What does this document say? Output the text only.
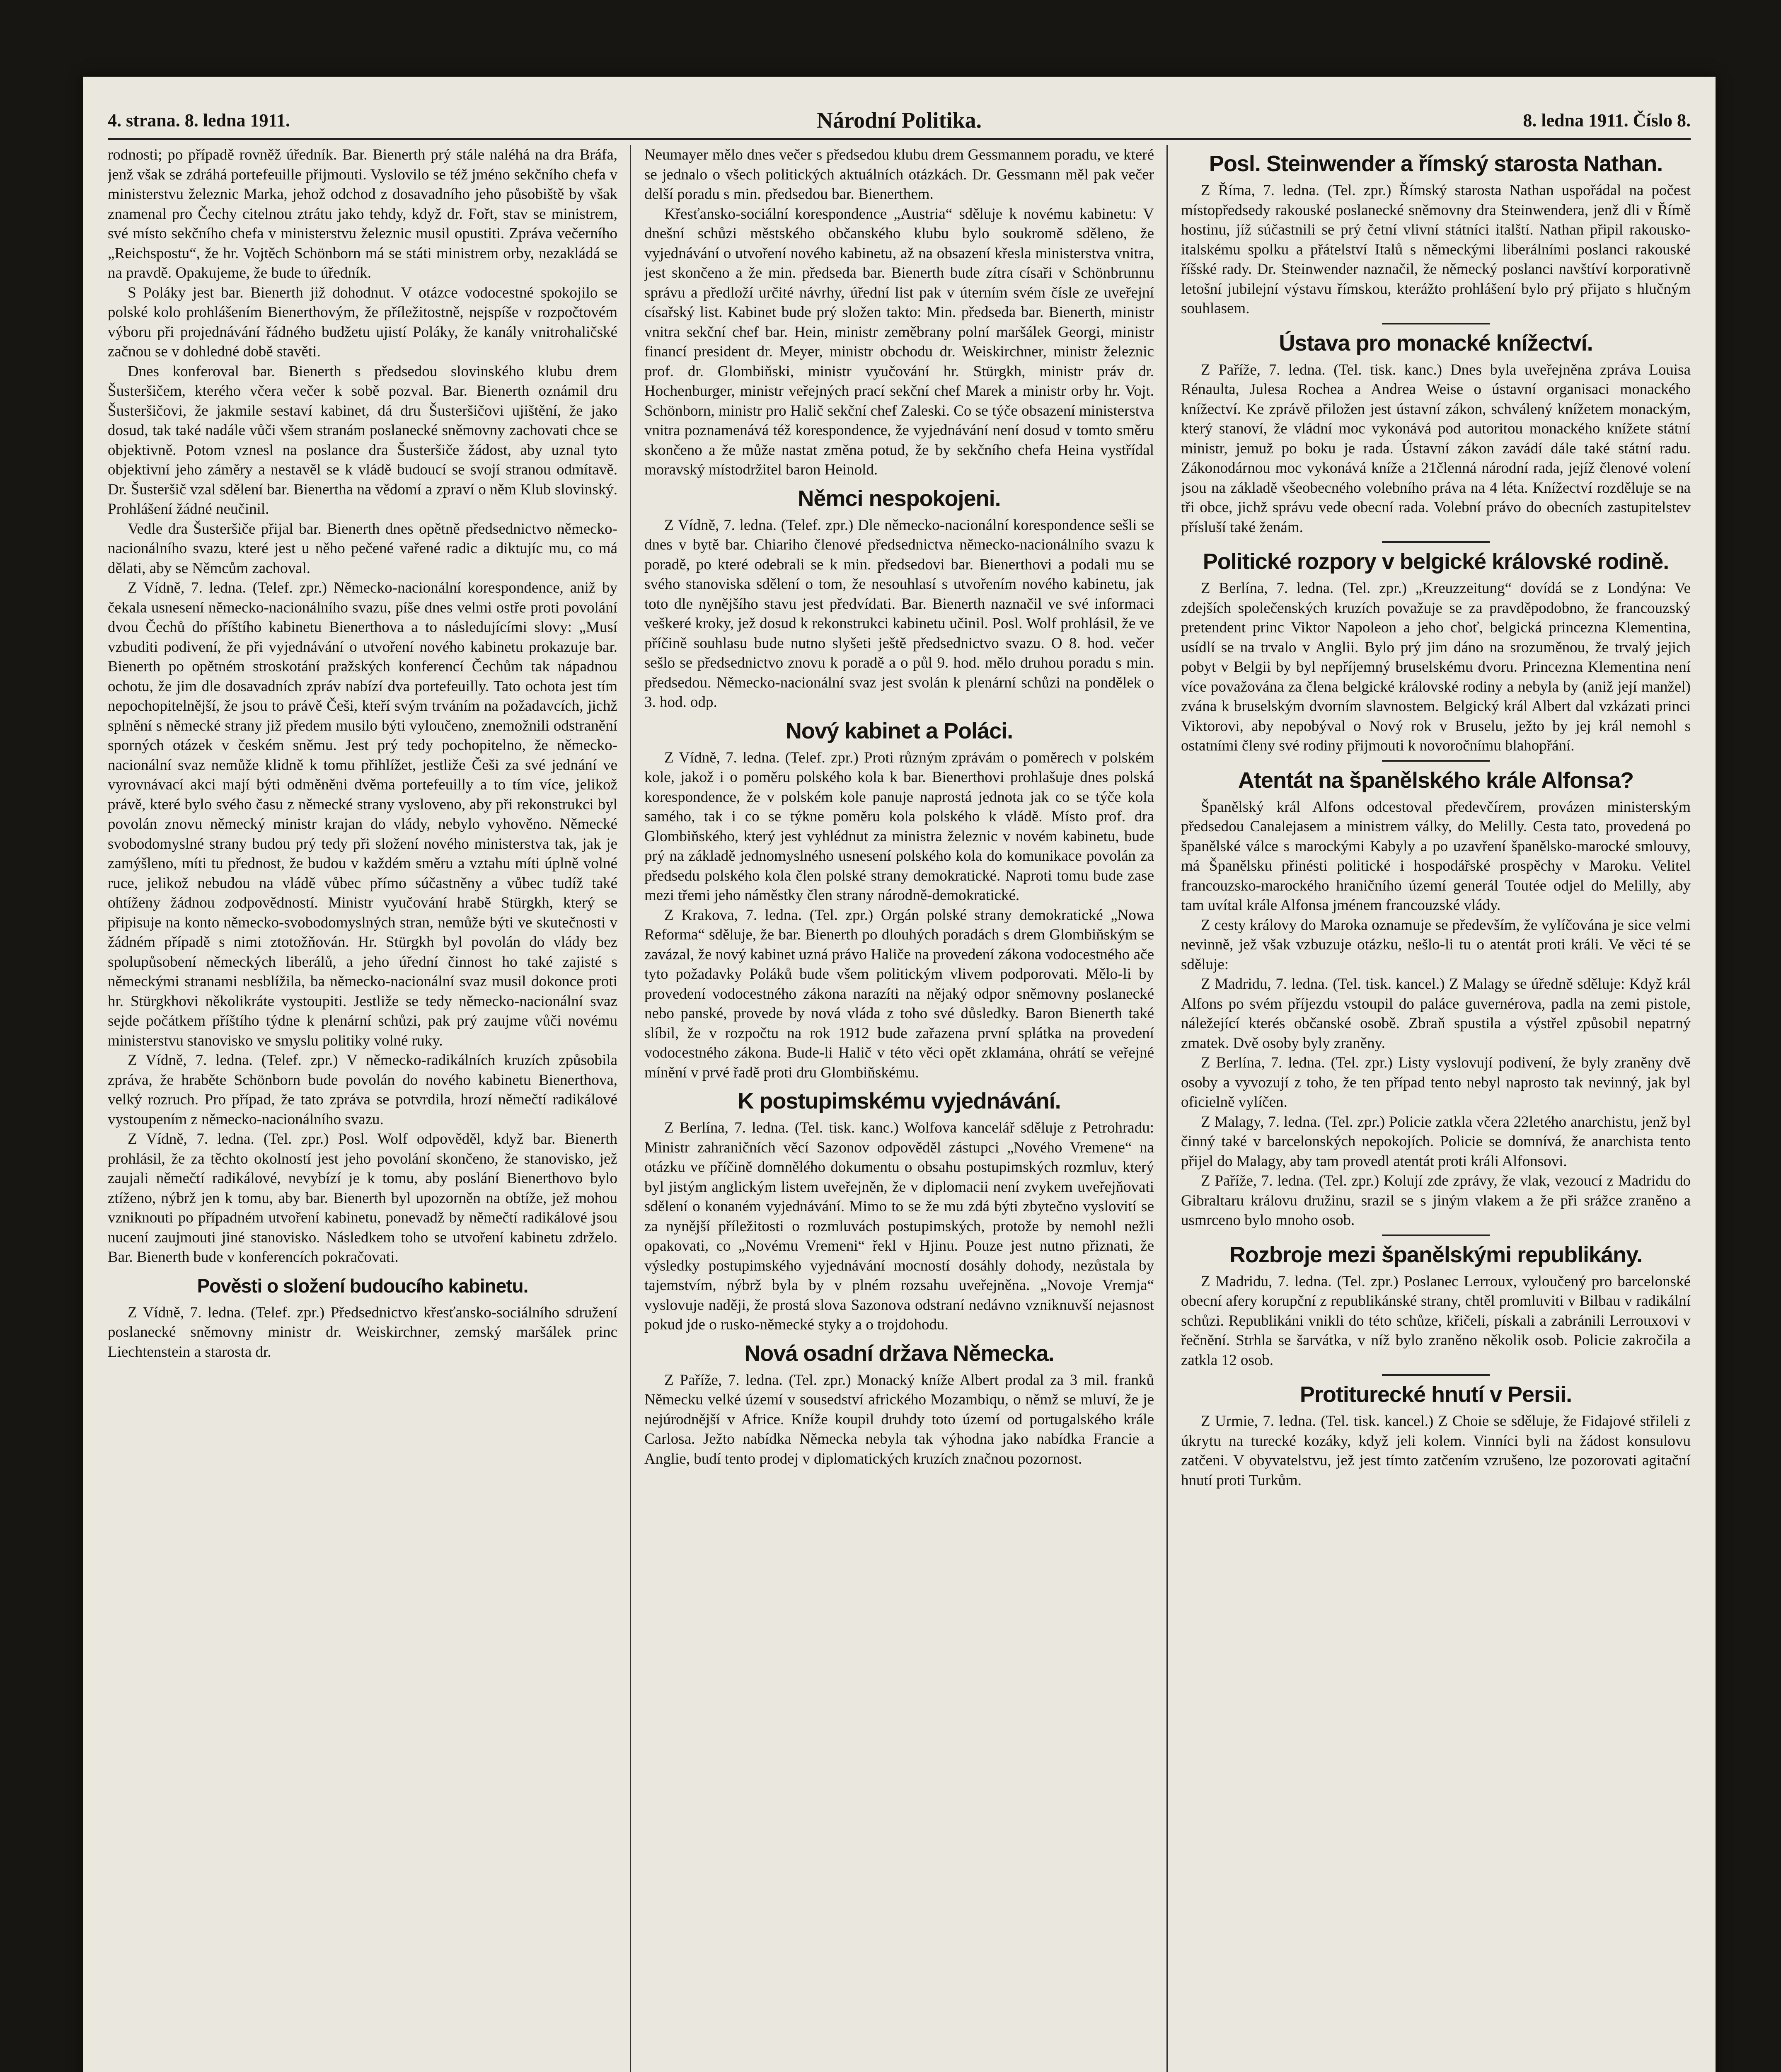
4. strana. 8. ledna 1911.	Národní Politika.	8. ledna 1911. Číslo 8.

rodnosti; po případě rovněž úředník. Bar. Bienerth prý stále naléhá na dra Bráfa, jenž však se zdráhá portefeuille přijmouti. Vyslovilo se též jméno sekčního chefa v ministerstvu železnic Marka, jehož odchod z dosavadního jeho působiště by však znamenal pro Čechy citelnou ztrátu jako tehdy, když dr. Fořt, stav se ministrem, své místo sekčního chefa v ministerstvu železnic musil opustiti. Zpráva večerního „Reichspostu“, že hr. Vojtěch Schönborn má se státi ministrem orby, nezakládá se na pravdě. Opakujeme, že bude to úředník.

S Poláky jest bar. Bienerth již dohodnut. V otázce vodocestné spokojilo se polské kolo prohlášením Bienerthovým, že příležitostně, nejspíše v rozpočtovém výboru při projednávání řádného budžetu ujistí Poláky, že kanály vnitrohaličské začnou se v dohledné době stavěti.

Dnes konferoval bar. Bienerth s předsedou slovinského klubu drem Šusteršičem, kterého včera večer k sobě pozval. Bar. Bienerth oznámil dru Šusteršičovi, že jakmile sestaví kabinet, dá dru Šusteršičovi ujištění, že jako dosud, tak také nadále vůči všem stranám poslanecké sněmovny zachovati chce se objektivně. Potom vznesl na poslance dra Šusteršiče žádost, aby uznal tyto objektivní jeho záměry a nestavěl se k vládě budoucí se svojí stranou odmítavě. Dr. Šusteršič vzal sdělení bar. Bienertha na vědomí a zpraví o něm Klub slovinský. Prohlášení žádné neučinil.

Vedle dra Šusteršiče přijal bar. Bienerth dnes opětně předsednictvo německo-nacionálního svazu, které jest u něho pečené vařené radic a diktujíc mu, co má dělati, aby se Němcům zachoval.

Z Vídně, 7. ledna. (Telef. zpr.) Německo-nacionální korespondence, aniž by čekala usnesení německo-nacionálního svazu, píše dnes velmi ostře proti povolání dvou Čechů do příštího kabinetu Bienerthova a to následujícími slovy: „Musí vzbuditi podivení, že při vyjednávání o utvoření nového kabinetu prokazuje bar. Bienerth po opětném stroskotání pražských konferencí Čechům tak nápadnou ochotu, že jim dle dosavadních zpráv nabízí dva portefeuilly. Tato ochota jest tím nepochopitelnější, že jsou to právě Češi, kteří svým trváním na požadavcích, jichž splnění s německé strany již předem musilo býti vyloučeno, znemožnili odstranění sporných otázek v českém sněmu. Jest prý tedy pochopitelno, že německo-nacionální svaz nemůže klidně k tomu přihlížet, jestliže Češi za své jednání ve vyrovnávací akci mají býti odměněni dvěma portefeuilly a to tím více, jelikož právě, které bylo svého času z německé strany vysloveno, aby při rekonstrukci byl povolán znovu německý ministr krajan do vlády, nebylo vyhověno. Německé svobodomyslné strany budou prý tedy při složení nového ministerstva tak, jak je zamýšleno, míti tu přednost, že budou v každém směru a vztahu míti úplně volné ruce, jelikož nebudou na vládě vůbec přímo súčastněny a vůbec tudíž také ohtíženy žádnou zodpovědností. Ministr vyučování hrabě Stürgkh, který se připisuje na konto německo-svobodomyslných stran, nemůže býti ve skutečnosti v žádném případě s nimi ztotožňován. Hr. Stürgkh byl povolán do vlády bez spolupůsobení německých liberálů, a jeho úřední činnost ho také zajisté s německými stranami nesblížila, ba německo-nacionální svaz musil dokonce proti hr. Stürgkhovi několikráte vystoupiti. Jestliže se tedy německo-nacionální svaz sejde počátkem příštího týdne k plenární schůzi, pak prý zaujme vůči novému ministerstvu stanovisko ve smyslu politiky volné ruky.

Z Vídně, 7. ledna. (Telef. zpr.) V německo-radikálních kruzích způsobila zpráva, že hraběte Schönborn bude povolán do nového kabinetu Bienerthova, velký rozruch. Pro případ, že tato zpráva se potvrdila, hrozí němečtí radikálové vystoupením z německo-nacionálního svazu.

Z Vídně, 7. ledna. (Tel. zpr.) Posl. Wolf odpověděl, když bar. Bienerth prohlásil, že za těchto okolností jest jeho povolání skončeno, že stanovisko, jež zaujali němečtí radikálové, nevybízí je k tomu, aby poslání Bienerthovo bylo ztíženo, nýbrž jen k tomu, aby bar. Bienerth byl upozorněn na obtíže, jež mohou vzniknouti po případném utvoření kabinetu, ponevadž by němečtí radikálové jsou nucení zaujmouti jiné stanovisko. Následkem toho se utvoření kabinetu zdrželo. Bar. Bienerth bude v konferencích pokračovati.

Pověsti o složení budoucího kabinetu.

Z Vídně, 7. ledna. (Telef. zpr.) Předsednictvo křesťansko-sociálního sdružení poslanecké sněmovny ministr dr. Weiskirchner, zemský maršálek princ Liechtenstein a starosta dr.

Neumayer mělo dnes večer s předsedou klubu drem Gessmannem poradu, ve které se jednalo o všech politických aktuálních otázkách. Dr. Gessmann měl pak večer delší poradu s min. předsedou bar. Bienerthem.

Křesťansko-sociální korespondence „Austria“ sděluje k novému kabinetu: V dnešní schůzi městského občanského klubu bylo soukromě sděleno, že vyjednávání o utvoření nového kabinetu, až na obsazení křesla ministerstva vnitra, jest skončeno a že min. předseda bar. Bienerth bude zítra císaři v Schönbrunnu správu a předloží určité návrhy, úřední list pak v úterním svém čísle ze uveřejní císařský list. Kabinet bude prý složen takto: Min. předseda bar. Bienerth, ministr vnitra sekční chef bar. Hein, ministr zeměbrany polní maršálek Georgi, ministr financí president dr. Meyer, ministr obchodu dr. Weiskirchner, ministr železnic prof. dr. Glombiňski, ministr vyučování hr. Stürgkh, ministr práv dr. Hochenburger, ministr veřejných prací sekční chef Marek a ministr orby hr. Vojt. Schönborn, ministr pro Halič sekční chef Zaleski. Co se týče obsazení ministerstva vnitra poznamenává též korespondence, že vyjednávání není dosud v tomto směru skončeno a že může nastat změna potud, že by sekčního chefa Heina vystřídal moravský místodržitel baron Heinold.

Němci nespokojeni.

Z Vídně, 7. ledna. (Telef. zpr.) Dle německo-nacionální korespondence sešli se dnes v bytě bar. Chiariho členové předsednictva německo-nacionálního svazu k poradě, po které odebrali se k min. předsedovi bar. Bienerthovi a podali mu se svého stanoviska sdělení o tom, že nesouhlasí s utvořením nového kabinetu, jak toto dle nynějšího stavu jest předvídati. Bar. Bienerth naznačil ve své informaci veškeré kroky, jež dosud k rekonstrukci kabinetu učinil. Posl. Wolf prohlásil, že ve příčině souhlasu bude nutno slyšeti ještě předsednictvo svazu. O 8. hod. večer sešlo se předsednictvo znovu k poradě a o půl 9. hod. mělo druhou poradu s min. předsedou. Německo-nacionální svaz jest svolán k plenární schůzi na pondělek o 3. hod. odp.

Nový kabinet a Poláci.

Z Vídně, 7. ledna. (Telef. zpr.) Proti různým zprávám o poměrech v polském kole, jakož i o poměru polského kola k bar. Bienerthovi prohlašuje dnes polská korespondence, že v polském kole panuje naprostá jednota jak co se týče kola samého, tak i co se týkne poměru kola polského k vládě. Místo prof. dra Glombiňského, který jest vyhlédnut za ministra železnic v novém kabinetu, bude prý na základě jednomyslného usnesení polského kola do komunikace povolán za předsedu polského kola člen polské strany demokratické. Naproti tomu bude zase mezi třemi jeho náměstky člen strany národně-demokratické.

Z Krakova, 7. ledna. (Tel. zpr.) Orgán polské strany demokratické „Nowa Reforma“ sděluje, že bar. Bienerth po dlouhých poradách s drem Glombiňským se zavázal, že nový kabinet uzná právo Haliče na provedení zákona vodocestného ače tyto požadavky Poláků bude všem politickým vlivem podporovati. Mělo-li by provedení vodocestného zákona narazíti na nějaký odpor sněmovny poslanecké nebo panské, provede by nová vláda z toho své důsledky. Baron Bienerth také slíbil, že v rozpočtu na rok 1912 bude zařazena první splátka na provedení vodocestného zákona. Bude-li Halič v této věci opět zklamána, ohrátí se veřejné mínění v prvé řadě proti dru Glombiňskému.

K postupimskému vyjednávání.

Z Berlína, 7. ledna. (Tel. tisk. kanc.) Wolfova kancelář sděluje z Petrohradu: Ministr zahraničních věcí Sazonov odpověděl zástupci „Nového Vremene“ na otázku ve příčině domnělého dokumentu o obsahu postupimských rozmluv, který byl jistým anglickým listem uveřejněn, že v diplomacii není zvykem uveřejňovati sdělení o konaném vyjednávání. Mimo to se že mu zdá býti zbytečno vyslovití se za nynější příležitosti o rozmluvách postupimských, protože by nemohl nežli opakovati, co „Novému Vremeni“ řekl v Hjinu. Pouze jest nutno přiznati, že výsledky postupimského vyjednávání mocností dosáhly dohody, nezůstala by tajemstvím, nýbrž byla by v plném rozsahu uveřejněna. „Novoje Vremja“ vyslovuje naději, že prostá slova Sazonova odstraní nedávno vzniknuvší nejasnost pokud jde o rusko-německé styky a o trojdohodu.

Nová osadní država Německa.

Z Paříže, 7. ledna. (Tel. zpr.) Monacký kníže Albert prodal za 3 mil. franků Německu velké území v sousedství afrického Mozambiqu, o němž se mluví, že je nejúrodnější v Africe. Kníže koupil druhdy toto území od portugalského krále Carlosa. Ježto nabídka Německa nebyla tak výhodna jako nabídka Francie a Anglie, budí tento prodej v diplomatických kruzích značnou pozornost.

Posl. Steinwender a římský starosta Nathan.

Z Říma, 7. ledna. (Tel. zpr.) Římský starosta Nathan uspořádal na počest místopředsedy rakouské poslanecké sněmovny dra Steinwendera, jenž dli v Římě hostinu, jíž súčastnili se prý četní vlivní státníci italští. Nathan připil rakousko-italskému spolku a přátelství Italů s německými liberálními poslanci rakouské říšské rady. Dr. Steinwender naznačil, že německý poslanci navštíví korporativně letošní jubilejní výstavu římskou, kterážto prohlášení bylo prý přijato s hlučným souhlasem.

Ústava pro monacké knížectví.

Z Paříže, 7. ledna. (Tel. tisk. kanc.) Dnes byla uveřejněna zpráva Louisa Rénaulta, Julesa Rochea a Andrea Weise o ústavní organisaci monackého knížectví. Ke zprávě přiložen jest ústavní zákon, schválený knížetem monackým, který stanoví, že vládní moc vykonává pod autoritou monackého knížete státní ministr, jemuž po boku je rada. Ústavní zákon zavádí dále také státní radu. Zákonodárnou moc vykonává kníže a 21členná národní rada, jejíž členové volení jsou na základě všeobecného volebního práva na 4 léta. Knížectví rozděluje se na tři obce, jichž správu vede obecní rada. Volební právo do obecních zastupitelstev přísluší také ženám.

Politické rozpory v belgické královské rodině.

Z Berlína, 7. ledna. (Tel. zpr.) „Kreuzzeitung“ dovídá se z Londýna: Ve zdejších společenských kruzích považuje se za pravděpodobno, že francouzský pretendent princ Viktor Napoleon a jeho choť, belgická princezna Klementina, usídlí se na trvalo v Anglii. Bylo prý jim dáno na srozuměnou, že trvalý jejich pobyt v Belgii by byl nepříjemný bruselskému dvoru. Princezna Klementina není více považována za člena belgické královské rodiny a nebyla by (aniž její manžel) zvána k bruselským dvorním slavnostem. Belgický král Albert dal vzkázati princi Viktorovi, aby nepobýval o Nový rok v Bruselu, ježto by jej král nemohl s ostatními členy své rodiny přijmouti k novoročnímu blahopřání.

Atentát na španělského krále Alfonsa?

Španělský král Alfons odcestoval předevčírem, provázen ministerským předsedou Canalejasem a ministrem války, do Melilly. Cesta tato, provedená po španělské válce s marockými Kabyly a po uzavření španělsko-marocké smlouvy, má Španělsku přinésti politické i hospodářské prospěchy v Maroku. Velitel francouzsko-marockého hraničního území generál Toutée odjel do Melilly, aby tam uvítal krále Alfonsa jménem francouzské vlády.

Z cesty královy do Maroka oznamuje se především, že vylíčována je sice velmi nevinně, jež však vzbuzuje otázku, nešlo-li tu o atentát proti králi. Ve věci té se sděluje:

Z Madridu, 7. ledna. (Tel. tisk. kancel.) Z Malagy se úředně sděluje: Když král Alfons po svém příjezdu vstoupil do paláce guvernérova, padla na zemi pistole, náležející kterés občanské osobě. Zbraň spustila a výstřel způsobil nepatrný zmatek. Dvě osoby byly zraněny.

Z Berlína, 7. ledna. (Tel. zpr.) Listy vyslovují podivení, že byly zraněny dvě osoby a vyvozují z toho, že ten případ tento nebyl naprosto tak nevinný, jak byl oficielně vylíčen.

Z Malagy, 7. ledna. (Tel. zpr.) Policie zatkla včera 22letého anarchistu, jenž byl činný také v barcelonských nepokojích. Policie se domnívá, že anarchista tento přijel do Malagy, aby tam provedl atentát proti králi Alfonsovi.

Z Paříže, 7. ledna. (Tel. zpr.) Kolují zde zprávy, že vlak, vezoucí z Madridu do Gibraltaru královu družinu, srazil se s jiným vlakem a že při srážce zraněno a usmrceno bylo mnoho osob.

Rozbroje mezi španělskými republikány.

Z Madridu, 7. ledna. (Tel. zpr.) Poslanec Lerroux, vyloučený pro barcelonské obecní afery korupční z republikánské strany, chtěl promluviti v Bilbau v radikální schůzi. Republikáni vnikli do této schůze, křičeli, pískali a zabránili Lerrouxovi v řečnění. Strhla se šarvátka, v níž bylo zraněno několik osob. Policie zakročila a zatkla 12 osob.

Protiturecké hnutí v Persii.

Z Urmie, 7. ledna. (Tel. tisk. kancel.) Z Choie se sděluje, že Fidajové střileli z úkrytu na turecké kozáky, když jeli kolem. Vinníci byli na žádost konsulovu zatčeni. V obyvatelstvu, jež jest tímto zatčením vzrušeno, lze pozorovati agitační hnutí proti Turkům.
